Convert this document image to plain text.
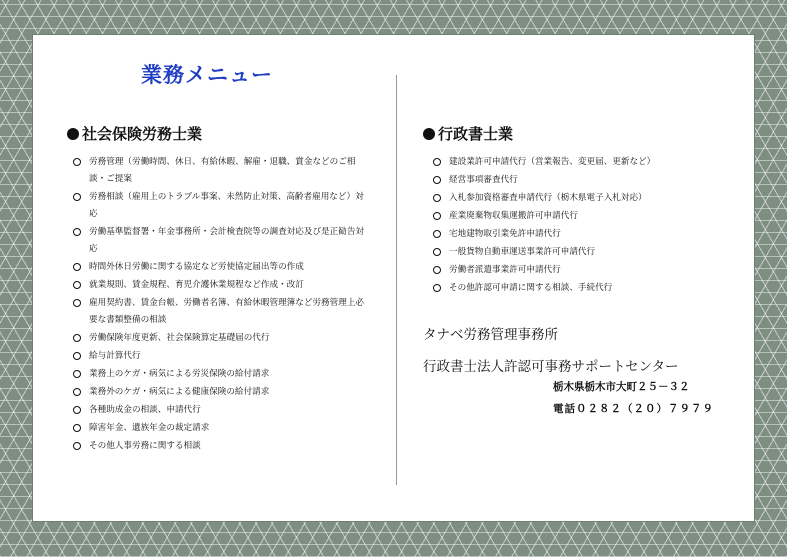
業務メニュー
社会保険労務士業
労務管理（労働時間、休日、有給休暇、解雇・退職、賞金などのご相談・ご提案
労務相談（雇用上のトラブル事案、未然防止対策、高齢者雇用など）対応
労働基準監督署・年金事務所・会計検査院等の調査対応及び是正勧告対応
時間外休日労働に関する協定など労使協定届出等の作成
就業規則、賃金規程、育児介護休業規程など作成・改訂
雇用契約書、賃金台帳、労働者名簿、有給休暇管理簿など労務管理上必要な書類整備の相談
労働保険年度更新、社会保険算定基礎届の代行
給与計算代行
業務上のケガ・病気による労災保険の給付請求
業務外のケガ・病気による健康保険の給付請求
各種助成金の相談、申請代行
障害年金、遺族年金の裁定請求
その他人事労務に関する相談
行政書士業
建設業許可申請代行（営業報告、変更届、更新など）
経営事項審査代行
入札参加資格審査申請代行（栃木県電子入札対応）
産業廃棄物収集運搬許可申請代行
宅地建物取引業免許申請代行
一般貨物自動車運送事業許可申請代行
労働者派遣事業許可申請代行
その他許認可申請に関する相談、手続代行

タナベ労務管理事務所

行政書士法人許認可事務サポートセンター

栃木県栃木市大町２５－３２

電話０２８２（２０）７９７９
